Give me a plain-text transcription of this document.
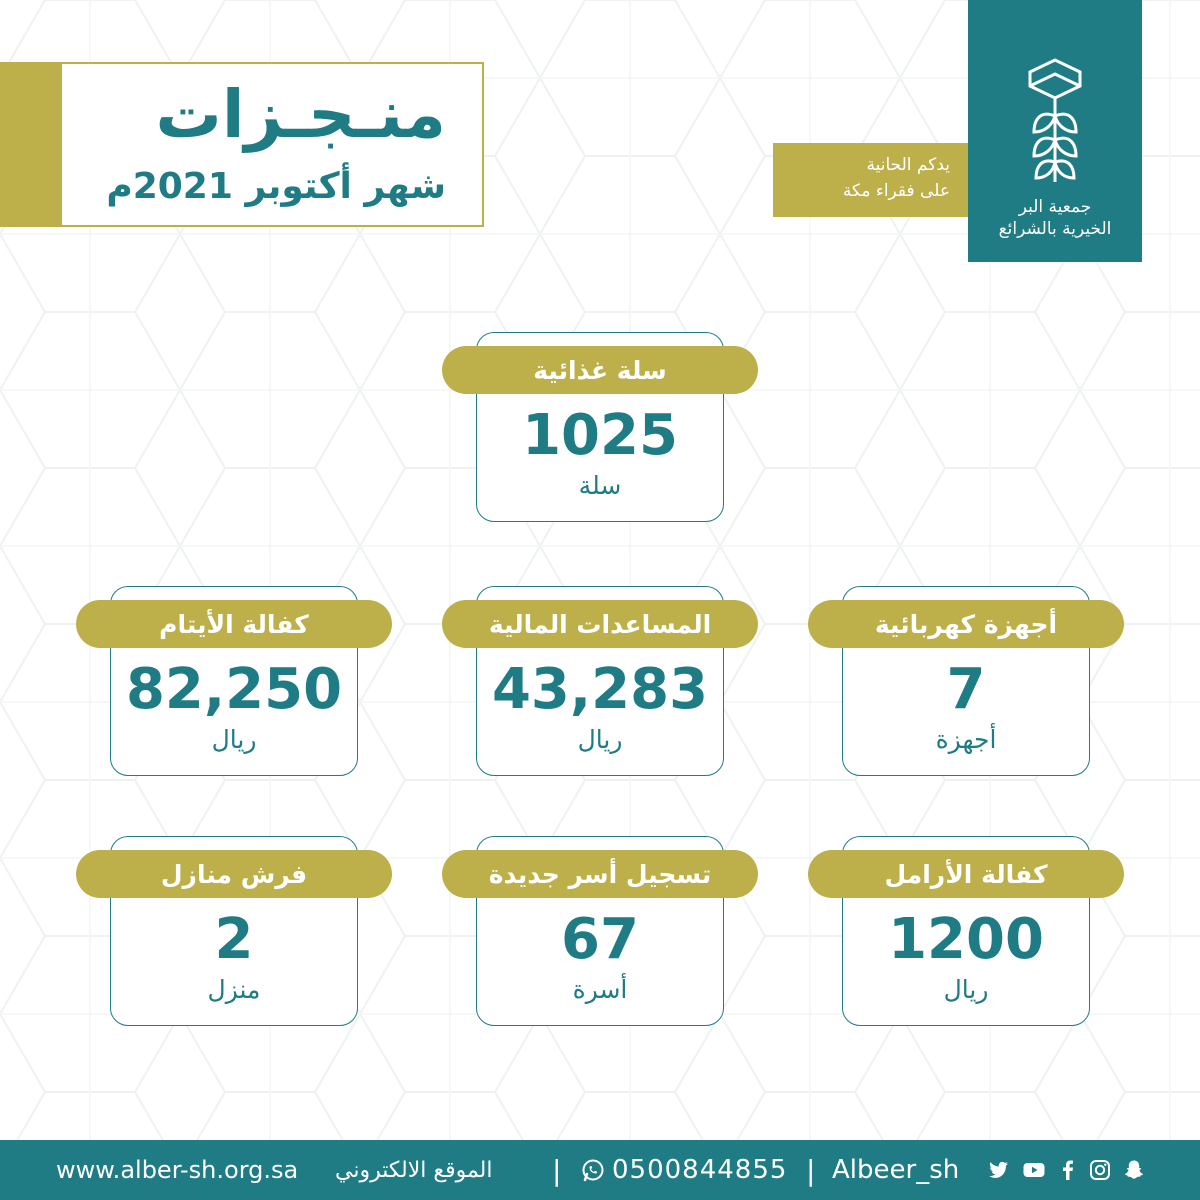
منـجـزات
شهر أكتوبر 2021م
يدكم الحانية
على فقراء مكة
جمعية البر
الخيرية بالشرائع
سلة غذائية
1025
سلة
كفالة الأيتام
82,250
ريال
المساعدات المالية
43,283
ريال
أجهزة كهربائية
7
أجهزة
فرش منازل
2
منزل
تسجيل أسر جديدة
67
أسرة
كفالة الأرامل
1200
ريال
www.alber-sh.org.sa الموقع الالكتروني | 0500844855 | Albeer_sh
